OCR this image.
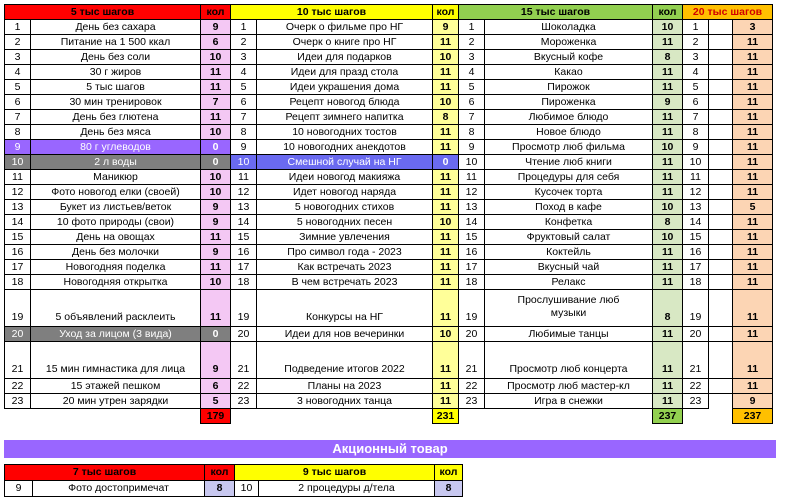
5 тыс шагов		кол	10 тыс шагов		кол	15 тыс шагов		кол	20 тыс шагов		
1	День без сахара	9	1	Очерк о фильме про НГ	9	1	Шоколадка	10	1		3
2	Питание на 1 500 ккал	6	2	Очерк о книге про НГ	11	2	Мороженка	11	2		11
3	День без соли	10	3	Идеи для подарков	10	3	Вкусный кофе	8	3		11
4	30 г жиров	11	4	Идеи для празд стола	11	4	Какао	11	4		11
5	5 тыс шагов	11	5	Идеи украшения дома	11	5	Пирожок	11	5		11
6	30 мин тренировок	7	6	Рецепт новогод блюда	10	6	Пироженка	9	6		11
7	День без глютена	11	7	Рецепт зимнего напитка	8	7	Любимое блюдо	11	7		11
8	День без мяса	10	8	10 новогодних тостов	11	8	Новое блюдо	11	8		11
9	80 г углеводов	0	9	10 новогодних анекдотов	11	9	Просмотр люб фильма	10	9		11
10	2 л воды	0	10	Смешной случай на НГ	0	10	Чтение люб книги	11	10		11
11	Маникюр	10	11	Идеи новогод макияжа	11	11	Процедуры для себя	11	11		11
12	Фото новогод елки (своей)	10	12	Идет новогод наряда	11	12	Кусочек торта	11	12		11
13	Букет из листьев/веток	9	13	5 новогодних стихов	11	13	Поход в кафе	10	13		5
14	10 фото природы (свои)	9	14	5 новогодних песен	10	14	Конфетка	8	14		11
15	День на овощах	11	15	Зимние увлечения	11	15	Фруктовый салат	10	15		11
16	День без молочки	9	16	Про символ года - 2023	11	16	Коктейль	11	16		11
17	Новогодняя поделка	11	17	Как встречать 2023	11	17	Вкусный чай	11	17		11
18	Новогодняя открытка	10	18	В чем встречать 2023	11	18	Релакс	11	18		11
19	5 объявлений расклеить	11	19	Конкурсы на НГ	11	19	Прослушивание люб
музыки	8	19		11
20	Уход за лицом (3 вида)	0	20	Идеи для нов вечеринки	10	20	Любимые танцы	11	20		11
21	15 мин гимнастика для лица	9	21	Подведение итогов 2022	11	21	Просмотр люб концерта	11	21		11
22	15 этажей пешком	6	22	Планы на 2023	11	22	Просмотр люб мастер-кл	11	22		11
23	20 мин утрен зарядки	5	23	3 новогодних танца	11	23	Игра в снежки	11	23		9
		179			231			237			237
Акционный товар
7 тыс шагов		кол	9 тыс шагов		кол
9	Фото достопримечат	8	10	2 процедуры д/тела	8
